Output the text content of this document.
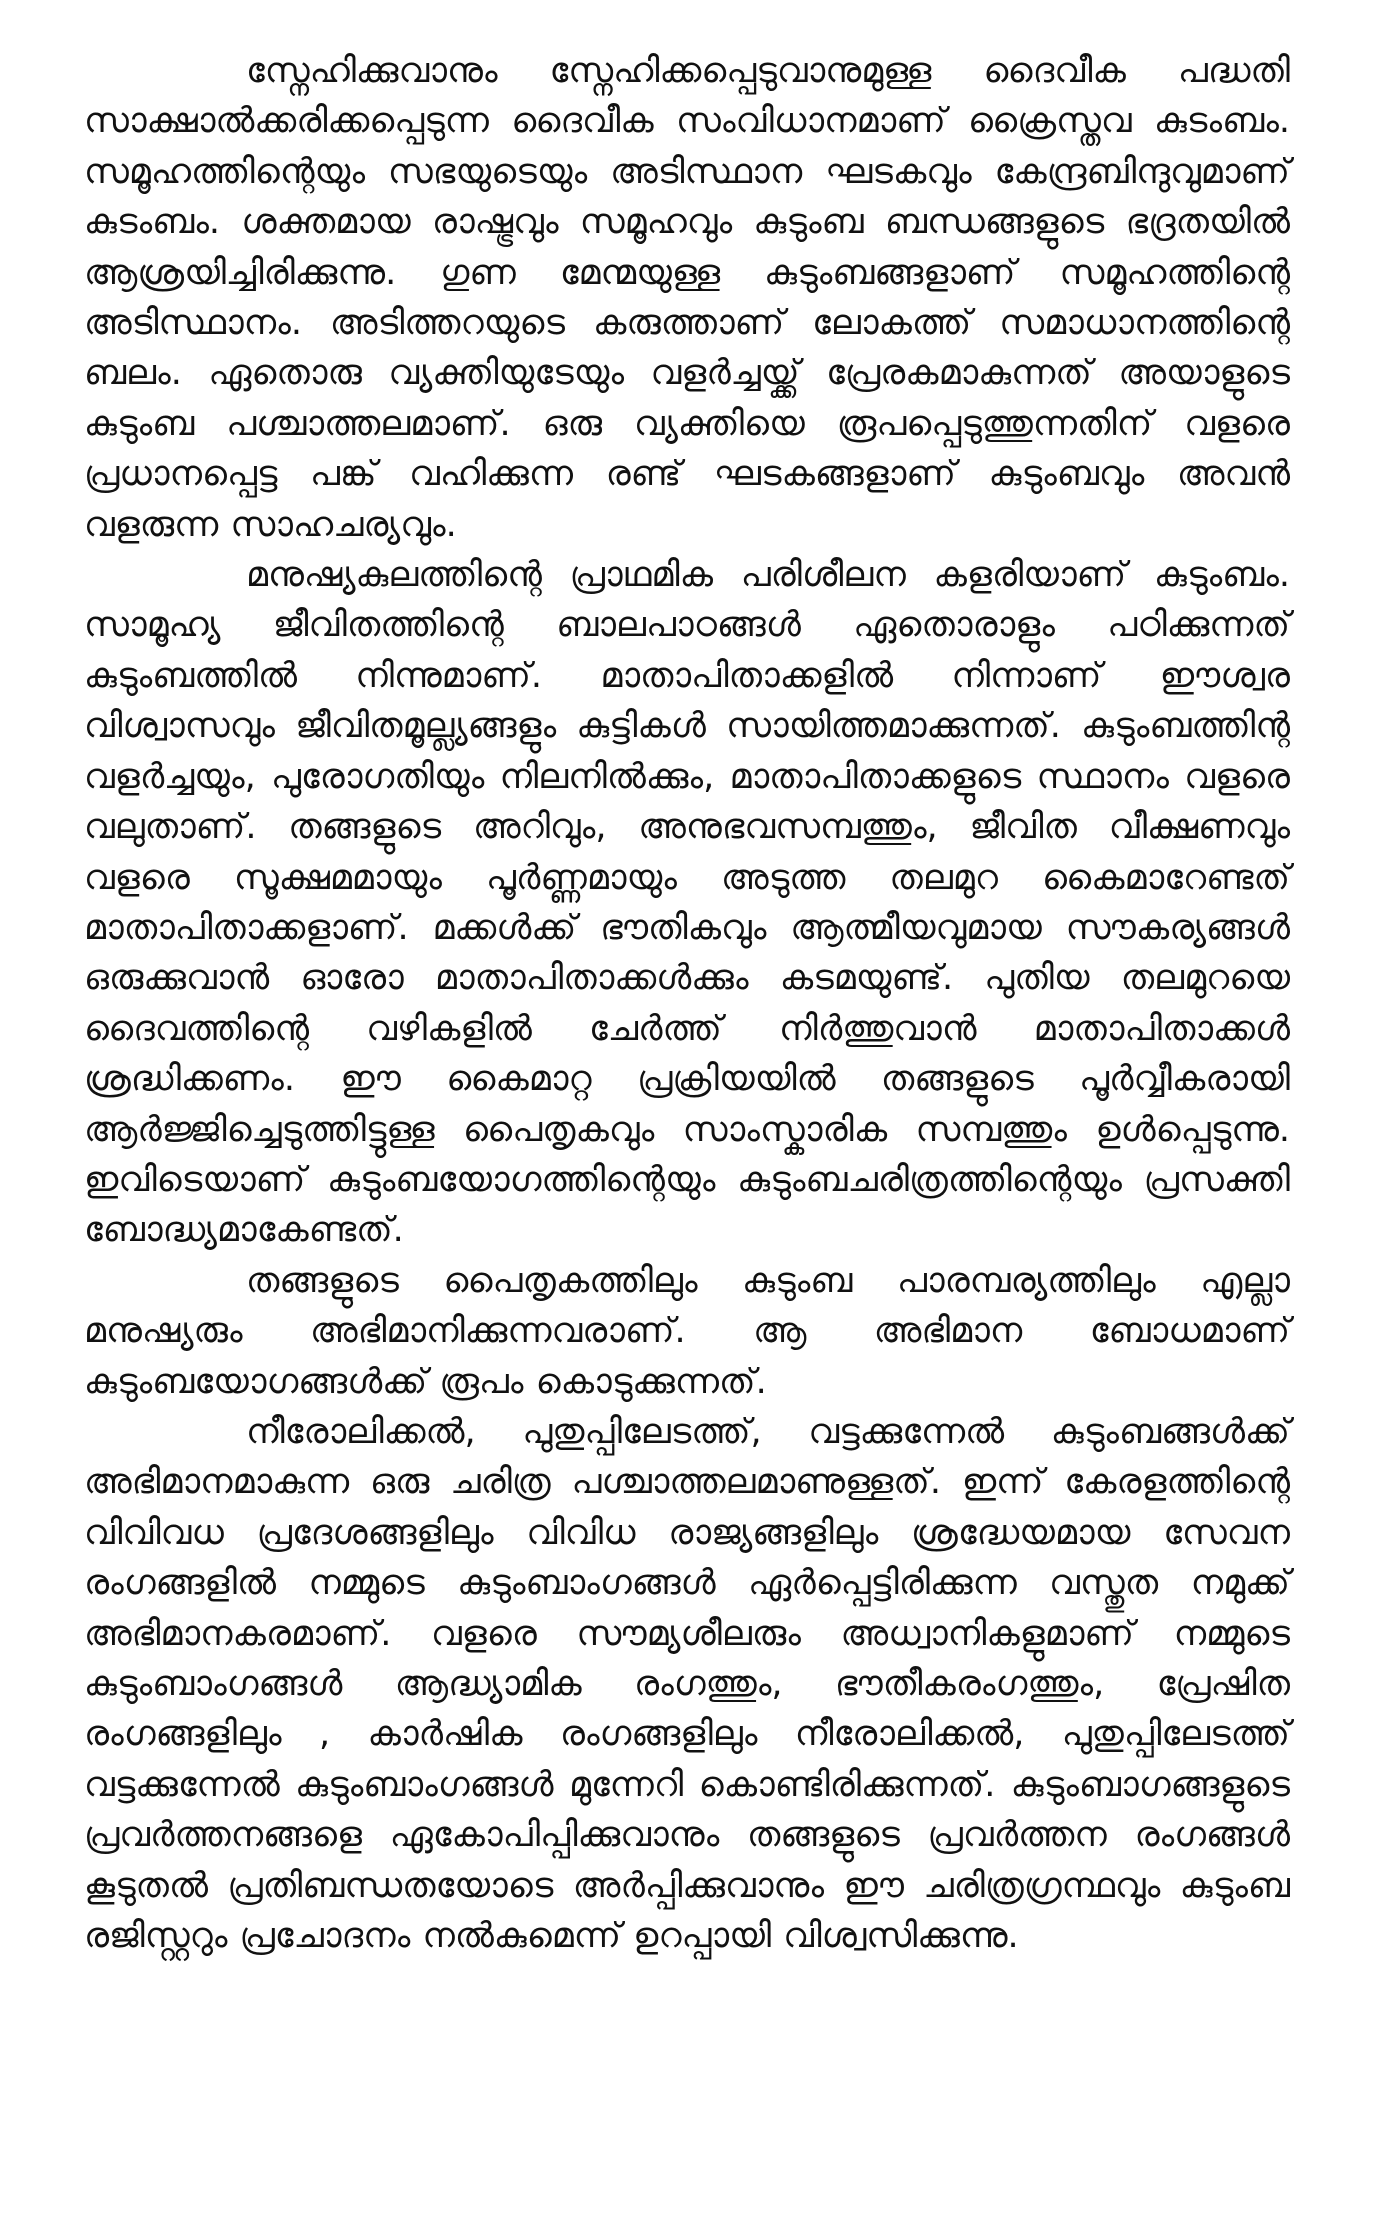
സ്നേഹിക്കുവാനും സ്നേഹിക്കപ്പെടുവാനുമുള്ള ദൈവീക പദ്ധതി സാക്ഷാൽക്കരിക്കപ്പെടുന്ന ദൈവീക സംവിധാനമാണ് ക്രൈസ്തവ കുടംബം. സമൂഹത്തിന്റെയും സഭയുടെയും അടിസ്ഥാന ഘടകവും കേന്ദ്രബിന്ദുവുമാണ് കുടംബം. ശക്തമായ രാഷ്ട്രവും സമൂഹവും കുടുംബ ബന്ധങ്ങളുടെ ഭദ്രതയിൽ ആശ്രയിച്ചിരിക്കുന്നു. ഗുണ മേന്മയുള്ള കുടുംബങ്ങളാണ് സമൂഹത്തിന്റെ അടിസ്ഥാനം. അടിത്തറയുടെ കരുത്താണ് ലോകത്ത് സമാധാനത്തിന്റെ ബലം. ഏതൊരു വ്യക്തിയുടേയും വളർച്ചയ്ക്ക് പ്രേരകമാകുന്നത് അയാളുടെ കുടുംബ പശ്ചാത്തലമാണ്. ഒരു വ്യക്തിയെ രൂപപ്പെടുത്തുന്നതിന് വളരെ പ്രധാനപ്പെട്ട പങ്ക് വഹിക്കുന്ന രണ്ട് ഘടകങ്ങളാണ് കുടുംബവും അവൻ വളരുന്ന സാഹചര്യവും.

മനുഷ്യകുലത്തിന്റെ പ്രാഥമിക പരിശീലന കളരിയാണ് കുടുംബം. സാമൂഹ്യ ജീവിതത്തിന്റെ ബാലപാഠങ്ങൾ ഏതൊരാളും പഠിക്കുന്നത് കുടുംബത്തിൽ നിന്നുമാണ്. മാതാപിതാക്കളിൽ നിന്നാണ് ഈശ്വര വിശ്വാസവും ജീവിതമൂല്ല്യങ്ങളും കുട്ടികൾ സായിത്തമാക്കുന്നത്. കുടുംബത്തിന്റ വളർച്ചയും, പുരോഗതിയും നിലനിൽക്കും, മാതാപിതാക്കളുടെ സ്ഥാനം വളരെ വലുതാണ്. തങ്ങളുടെ അറിവും, അനുഭവസമ്പത്തും, ജീവിത വീക്ഷണവും വളരെ സൂക്ഷമമായും പൂർണ്ണമായും അടുത്ത തലമുറ കൈമാറേണ്ടത് മാതാപിതാക്കളാണ്. മക്കൾക്ക് ഭൗതികവും ആത്മീയവുമായ സൗകര്യങ്ങൾ ഒരുക്കുവാൻ ഓരോ മാതാപിതാക്കൾക്കും കടമയുണ്ട്. പുതിയ തലമുറയെ ദൈവത്തിന്റെ വഴികളിൽ ചേർത്ത് നിർത്തുവാൻ മാതാപിതാക്കൾ ശ്രദ്ധിക്കണം. ഈ കൈമാറ്റ പ്രക്രിയയിൽ തങ്ങളുടെ പൂർവ്വീകരായി ആർജ്ജിച്ചെടുത്തിട്ടുള്ള പൈതൃകവും സാംസ്കാരിക സമ്പത്തും ഉൾപ്പെടുന്നു. ഇവിടെയാണ് കുടുംബയോഗത്തിന്റെയും കുടുംബചരിത്രത്തിന്റെയും പ്രസക്തി ബോദ്ധ്യമാകേണ്ടത്.

തങ്ങളുടെ പൈതൃകത്തിലും കുടുംബ പാരമ്പര്യത്തിലും എല്ലാ മനുഷ്യരും അഭിമാനിക്കുന്നവരാണ്. ആ അഭിമാന ബോധമാണ് കുടുംബയോഗങ്ങൾക്ക് രൂപം കൊടുക്കുന്നത്.

നീരോലിക്കൽ, പുതുപ്പിലേടത്ത്, വട്ടക്കുന്നേൽ കുടുംബങ്ങൾക്ക് അഭിമാനമാകുന്ന ഒരു ചരിത്ര പശ്ചാത്തലമാണുള്ളത്. ഇന്ന് കേരളത്തിന്റെ വിവിവധ പ്രദേശങ്ങളിലും വിവിധ രാജ്യങ്ങളിലും ശ്രദ്ധേയമായ സേവന രംഗങ്ങളിൽ നമ്മുടെ കുടുംബാംഗങ്ങൾ ഏർപ്പെട്ടിരിക്കുന്ന വസ്തുത നമുക്ക് അഭിമാനകരമാണ്. വളരെ സൗമ്യശീലരും അധ്വാനികളുമാണ് നമ്മുടെ കുടുംബാംഗങ്ങൾ ആദ്ധ്യാമിക രംഗത്തും, ഭൗതീകരംഗത്തും, പ്രേഷിത രംഗങ്ങളിലും , കാർഷിക രംഗങ്ങളിലും നീരോലിക്കൽ, പുതുപ്പിലേടത്ത് വട്ടക്കുന്നേൽ കുടുംബാംഗങ്ങൾ മുന്നേറി കൊണ്ടിരിക്കുന്നത്. കുടുംബാഗങ്ങളുടെ പ്രവർത്തനങ്ങളെ ഏകോപിപ്പിക്കുവാനും തങ്ങളുടെ പ്രവർത്തന രംഗങ്ങൾ കൂടുതൽ പ്രതിബന്ധതയോടെ അർപ്പിക്കുവാനും ഈ ചരിത്രഗ്രന്ഥവും കുടുംബ രജിസ്റ്ററും പ്രചോദനം നൽകുമെന്ന് ഉറപ്പായി വിശ്വസിക്കുന്നു.
